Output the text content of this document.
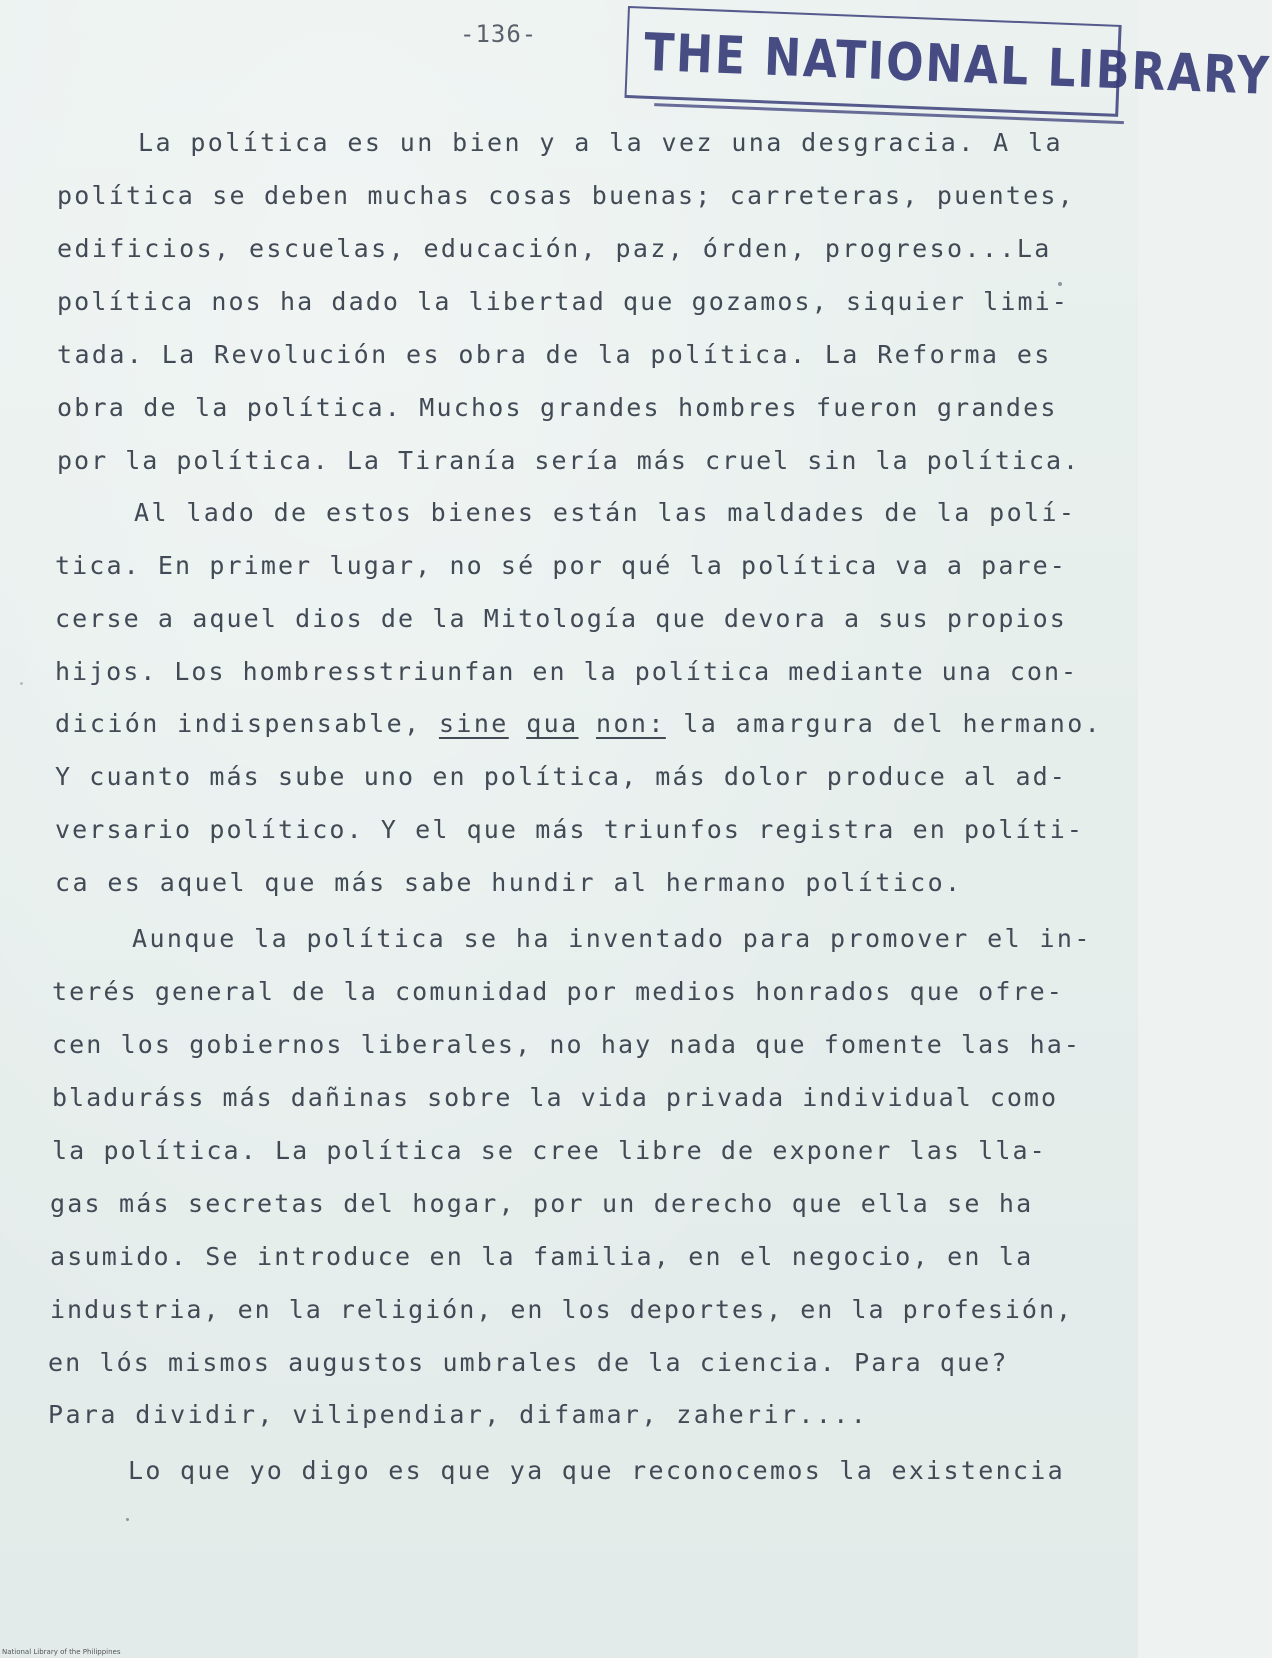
-136- THE NATIONAL LIBRARY
La política es un bien y a la vez una desgracia. A la
política se deben muchas cosas buenas; carreteras, puentes,
edificios, escuelas, educación, paz, órden, progreso...La
política nos ha dado la libertad que gozamos, siquier limi-
tada. La Revolución es obra de la política. La Reforma es
obra de la política. Muchos grandes hombres fueron grandes
por la política. La Tiranía sería más cruel sin la política.
Al lado de estos bienes están las maldades de la polí-
tica. En primer lugar, no sé por qué la política va a pare-
cerse a aquel dios de la Mitología que devora a sus propios
hijos. Los hombresstriunfan en la política mediante una con-
dición indispensable, sine qua non: la amargura del hermano.
Y cuanto más sube uno en política, más dolor produce al ad-
versario político. Y el que más triunfos registra en políti-
ca es aquel que más sabe hundir al hermano político.
Aunque la política se ha inventado para promover el in-
terés general de la comunidad por medios honrados que ofre-
cen los gobiernos liberales, no hay nada que fomente las ha-
bladuráss más dañinas sobre la vida privada individual como
la política. La política se cree libre de exponer las lla-
gas más secretas del hogar, por un derecho que ella se ha
asumido. Se introduce en la familia, en el negocio, en la
industria, en la religión, en los deportes, en la profesión,
en lós mismos augustos umbrales de la ciencia. Para que?
Para dividir, vilipendiar, difamar, zaherir....
Lo que yo digo es que ya que reconocemos la existencia
National Library of the Philippines
